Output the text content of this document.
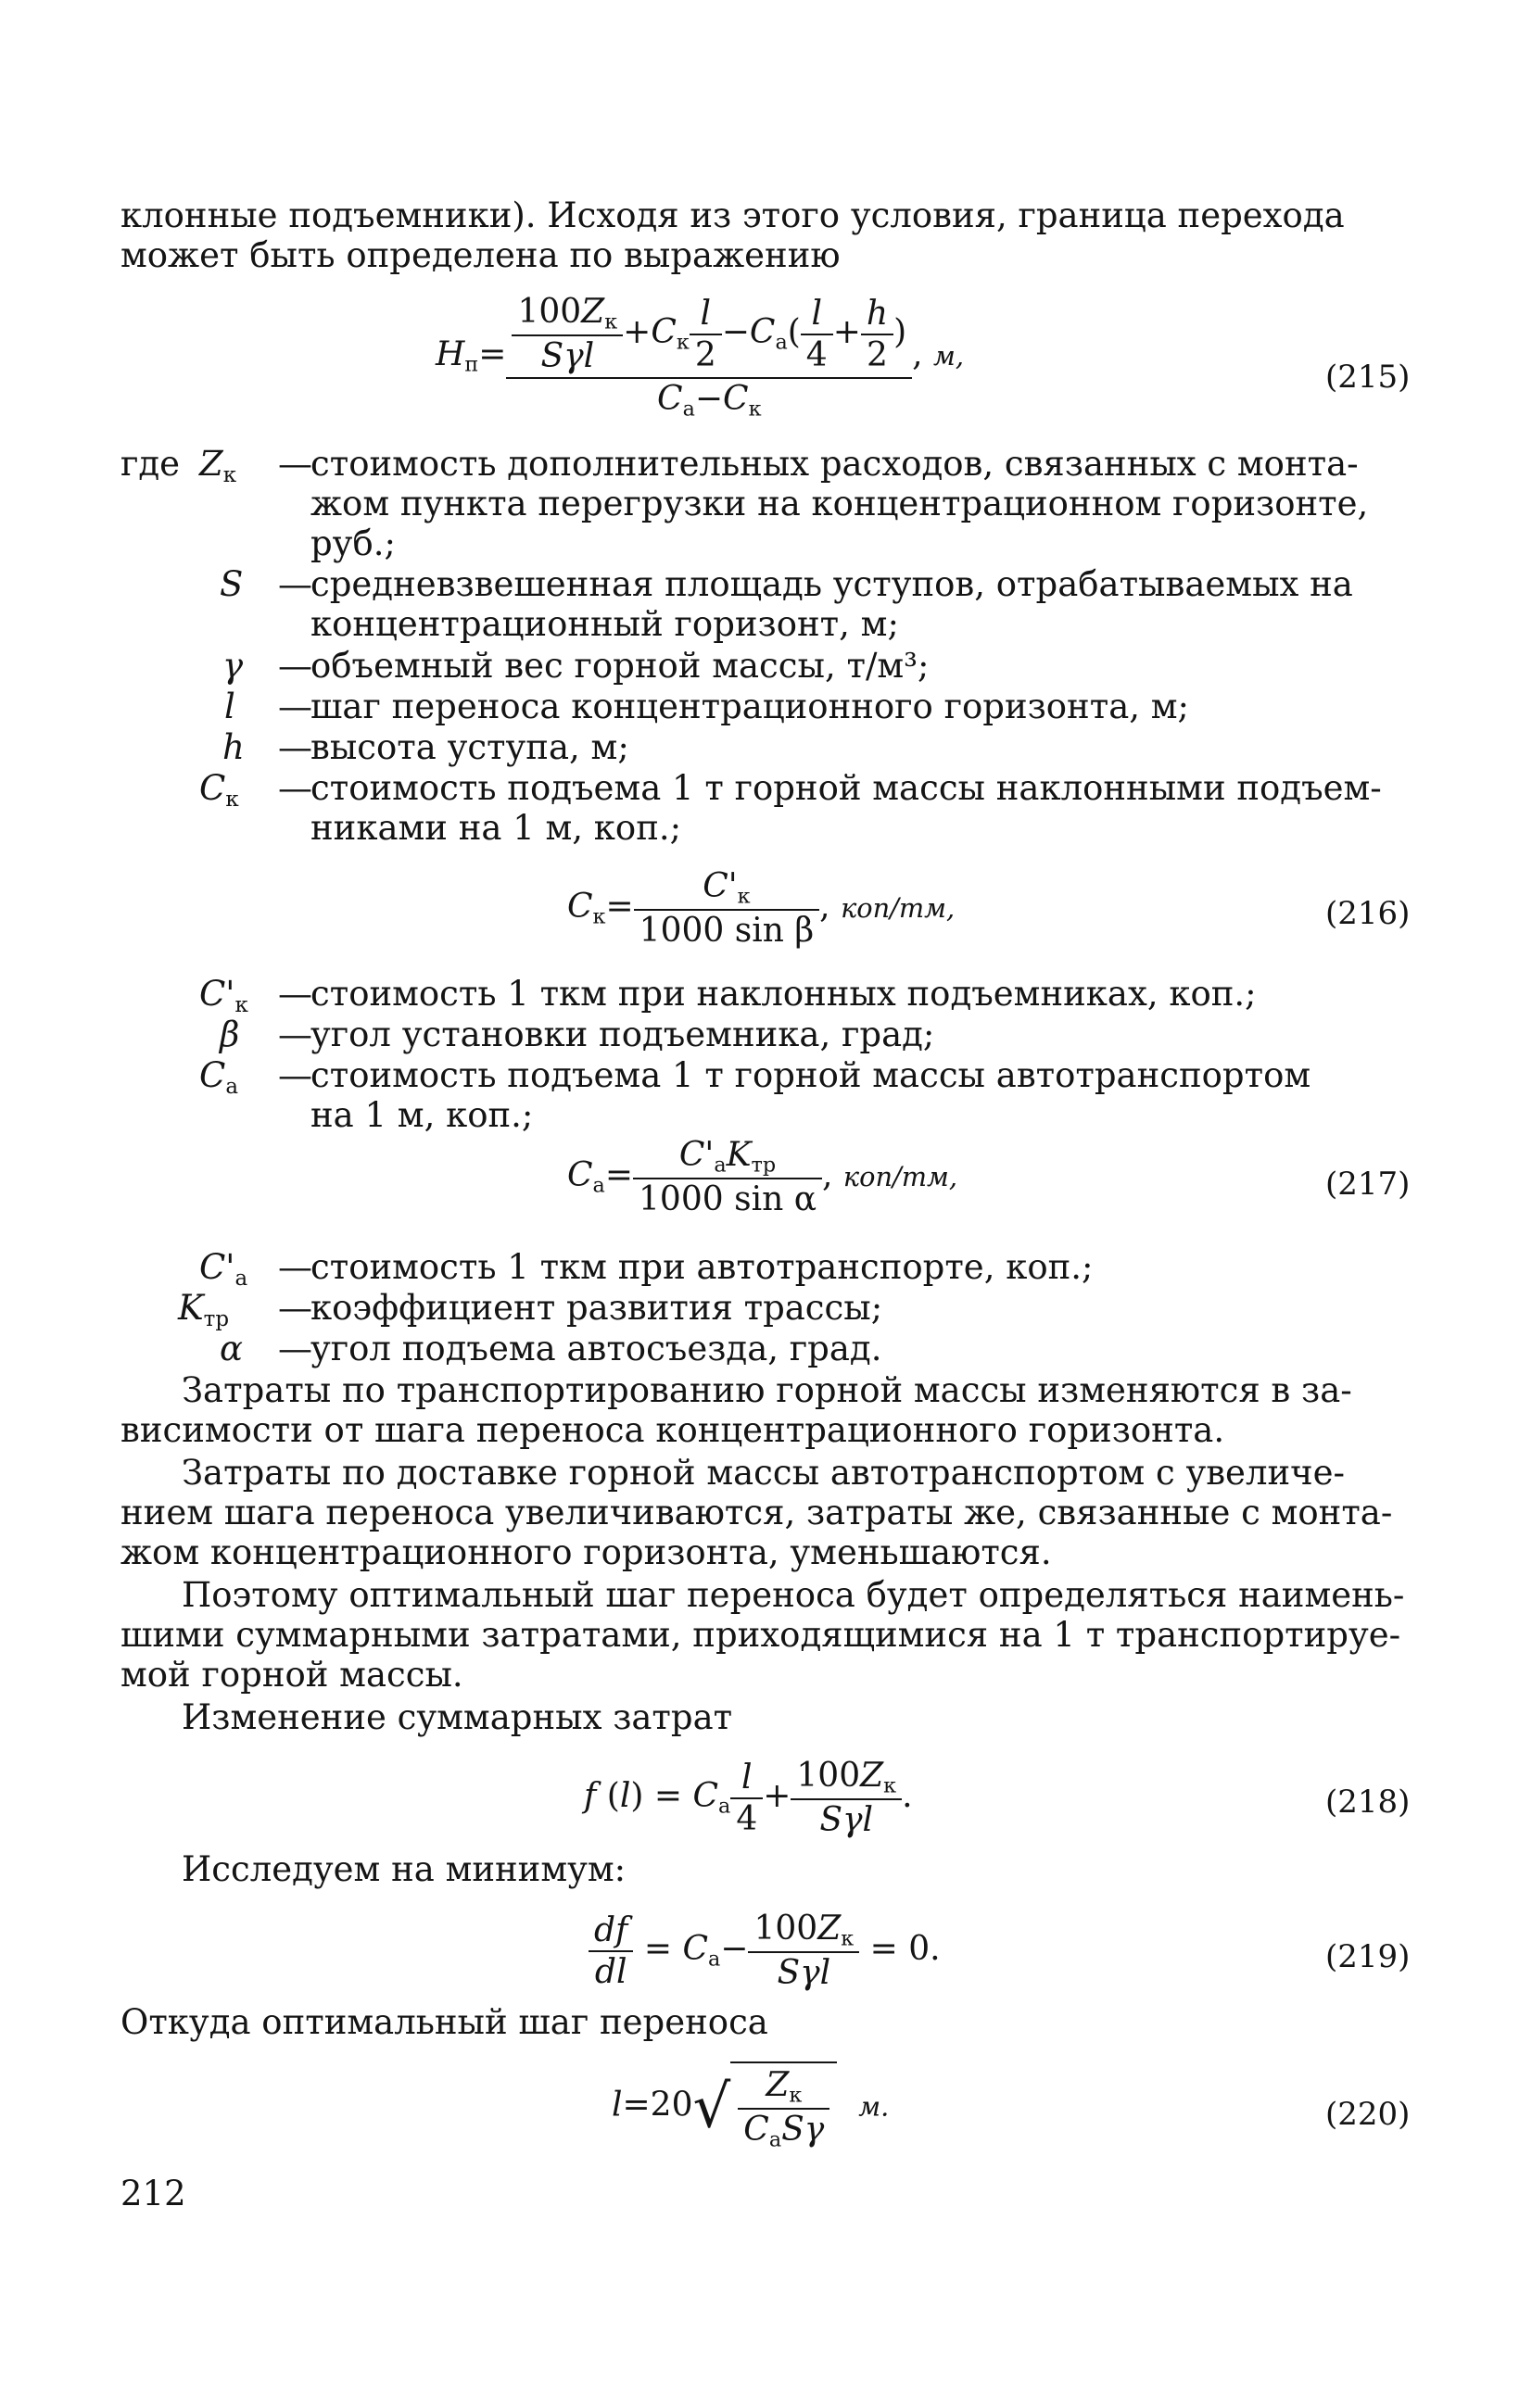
клонные подъемники). Исходя из этого условия, граница перехода
может быть определена по выражению
$H_п= \frac{\frac{100Z_к}{\text{Sγl}} +C_к \frac{l}{2} -C_а( \frac{l}{4} + \frac{h}{2} )}{C_а-C_к}$ , м,
(215)
где $Z_к$ —
стоимость дополнительных расходов, связанных с монта-
жом пункта перегрузки на концентрационном горизонте,
руб.;
S —
средневзвешенная площадь уступов, отрабатываемых на
концентрационный горизонт, м;
γ —
объемный вес горной массы, т/м³;
l —
шаг переноса концентрационного горизонта, м;
h —
высота уступа, м;
$C_к$ —
стоимость подъема 1 т горной массы наклонными подъем-
никами на 1 м, коп.;
$C_к= \frac{C'_к}{\text{1000 sin β}}$ , коп/тм,	(216)
$C'_к$ —
стоимость 1 ткм при наклонных подъемниках, коп.;
β —
угол установки подъемника, град;
$C_а$ —
стоимость подъема 1 т горной массы автотранспортом
на 1 м, коп.;
$C_а= \frac{C'_аK_{тр}}{\text{1000 sin α}}$ , коп/тм,	(217)
$C'_а$ —
стоимость 1 ткм при автотранспорте, коп.;
$K_{тр}$ —
коэффициент развития трассы;
α —
угол подъема автосъезда, град.
Затраты по транспортированию горной массы изменяются в за-
висимости от шага переноса концентрационного горизонта.
Затраты по доставке горной массы автотранспортом с увеличе-
нием шага переноса увеличиваются, затраты же, связанные с монта-
жом концентрационного горизонта, уменьшаются.
Поэтому оптимальный шаг переноса будет определяться наимень-
шими суммарными затратами, приходящимися на 1 т транспортируе-
мой горной массы.
Изменение суммарных затрат
f $(l) = C_а \frac{l}{4} + \frac{100Z_к}{\text{Sγl}}$ .	(218)
Исследуем на минимум:
$\frac{df}{dl} = C_а- \frac{100Z_к}{\text{Sγl}} = 0$.	(219)
Откуда оптимальный шаг переноса
$l=20√ \frac{Z_к}{C_аS\gamma} м$.	(220)
212
